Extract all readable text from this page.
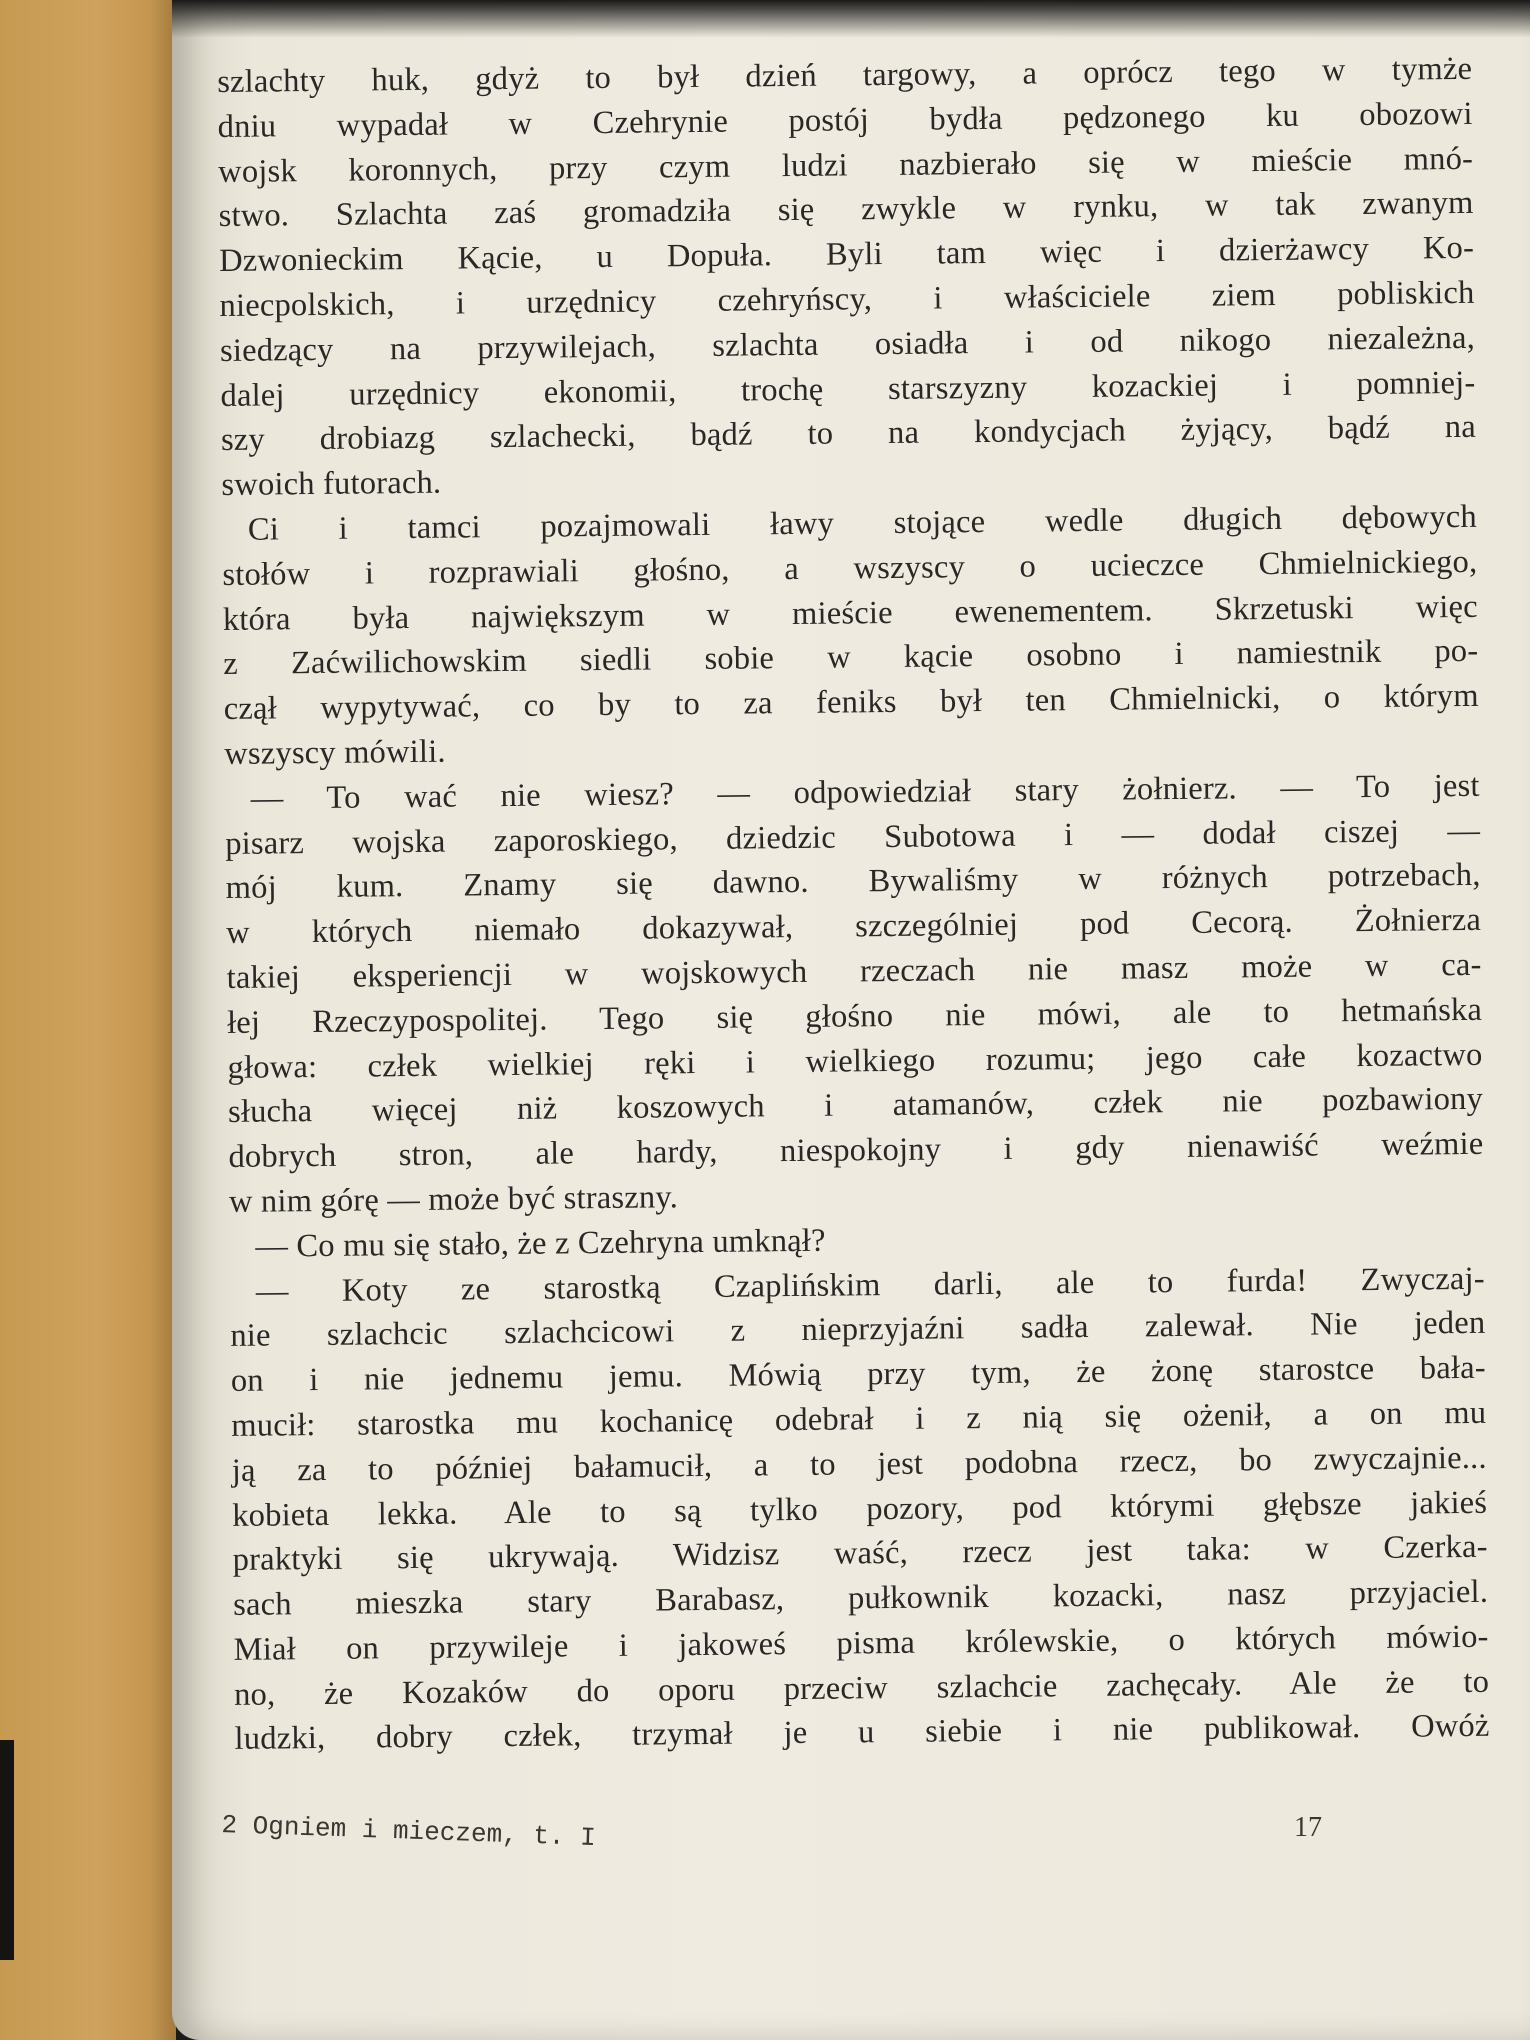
szlachty huk, gdyż to był dzień targowy, a oprócz tego w tymże
dniu wypadał w Czehrynie postój bydła pędzonego ku obozowi
wojsk koronnych, przy czym ludzi nazbierało się w mieście mnó-
stwo. Szlachta zaś gromadziła się zwykle w rynku, w tak zwanym
Dzwonieckim Kącie, u Dopuła. Byli tam więc i dzierżawcy Ko-
niecpolskich, i urzędnicy czehryńscy, i właściciele ziem pobliskich
siedzący na przywilejach, szlachta osiadła i od nikogo niezależna,
dalej urzędnicy ekonomii, trochę starszyzny kozackiej i pomniej-
szy drobiazg szlachecki, bądź to na kondycjach żyjący, bądź na
swoich futorach.
Ci i tamci pozajmowali ławy stojące wedle długich dębowych
stołów i rozprawiali głośno, a wszyscy o ucieczce Chmielnickiego,
która była największym w mieście ewenementem. Skrzetuski więc
z Zaćwilichowskim siedli sobie w kącie osobno i namiestnik po-
czął wypytywać, co by to za feniks był ten Chmielnicki, o którym
wszyscy mówili.
— To wać nie wiesz? — odpowiedział stary żołnierz. — To jest
pisarz wojska zaporoskiego, dziedzic Subotowa i — dodał ciszej —
mój kum. Znamy się dawno. Bywaliśmy w różnych potrzebach,
w których niemało dokazywał, szczególniej pod Cecorą. Żołnierza
takiej eksperiencji w wojskowych rzeczach nie masz może w ca-
łej Rzeczypospolitej. Tego się głośno nie mówi, ale to hetmańska
głowa: człek wielkiej ręki i wielkiego rozumu; jego całe kozactwo
słucha więcej niż koszowych i atamanów, człek nie pozbawiony
dobrych stron, ale hardy, niespokojny i gdy nienawiść weźmie
w nim górę — może być straszny.
— Co mu się stało, że z Czehryna umknął?
— Koty ze starostką Czaplińskim darli, ale to furda! Zwyczaj-
nie szlachcic szlachcicowi z nieprzyjaźni sadła zalewał. Nie jeden
on i nie jednemu jemu. Mówią przy tym, że żonę starostce bała-
mucił: starostka mu kochanicę odebrał i z nią się ożenił, a on mu
ją za to później bałamucił, a to jest podobna rzecz, bo zwyczajnie...
kobieta lekka. Ale to są tylko pozory, pod którymi głębsze jakieś
praktyki się ukrywają. Widzisz waść, rzecz jest taka: w Czerka-
sach mieszka stary Barabasz, pułkownik kozacki, nasz przyjaciel.
Miał on przywileje i jakoweś pisma królewskie, o których mówio-
no, że Kozaków do oporu przeciw szlachcie zachęcały. Ale że to
ludzki, dobry człek, trzymał je u siebie i nie publikował. Owóż
2 Ogniem i mieczem, t. I	17
